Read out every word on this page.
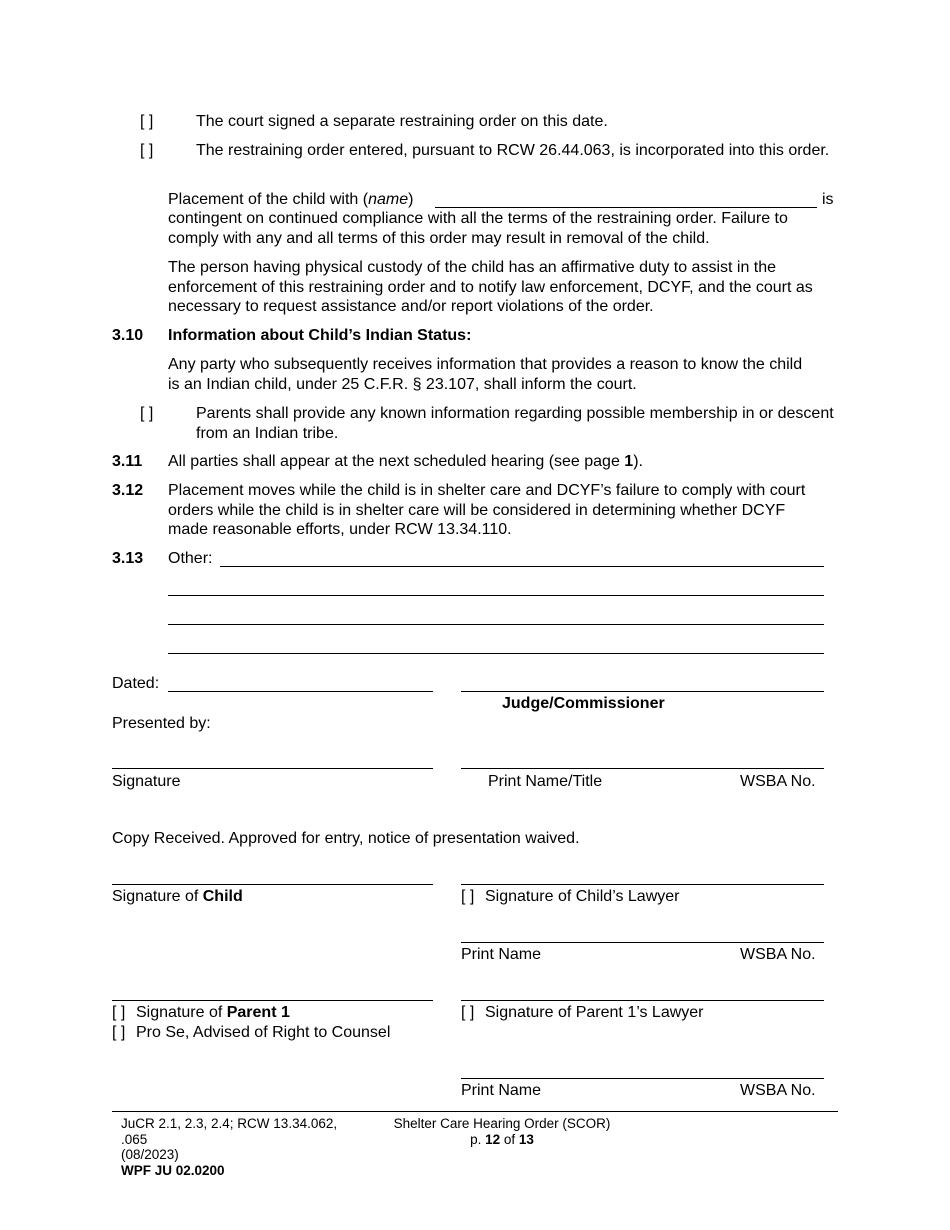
[ ]	The court signed a separate restraining order on this date.
[ ]	The restraining order entered, pursuant to RCW 26.44.063, is incorporated into this order.
Placement of the child with (name)	is
contingent on continued compliance with all the terms of the restraining order. Failure to comply with any and all terms of this order may result in removal of the child.
The person having physical custody of the child has an affirmative duty to assist in the enforcement of this restraining order and to notify law enforcement, DCYF, and the court as necessary to request assistance and/or report violations of the order.
3.10 Information about Child’s Indian Status:
Any party who subsequently receives information that provides a reason to know the child is an Indian child, under 25 C.F.R. § 23.107, shall inform the court.
[ ]	Parents shall provide any known information regarding possible membership in or descent from an Indian tribe.
3.11 All parties shall appear at the next scheduled hearing (see page 1).
3.12 Placement moves while the child is in shelter care and DCYF’s failure to comply with court orders while the child is in shelter care will be considered in determining whether DCYF made reasonable efforts, under RCW 13.34.110.
3.13 Other:
Dated:
Judge/Commissioner
Presented by:
Signature	Print Name/Title	WSBA No.
Copy Received. Approved for entry, notice of presentation waived.
Signature of Child	[ ] Signature of Child’s Lawyer
Print Name	WSBA No.
[ ] Signature of Parent 1
[ ] Pro Se, Advised of Right to Counsel
[ ] Signature of Parent 1’s Lawyer
Print Name	WSBA No.
JuCR 2.1, 2.3, 2.4; RCW 13.34.062,
.065
(08/2023)
WPF JU 02.0200
Shelter Care Hearing Order (SCOR)
p. 12 of 13
